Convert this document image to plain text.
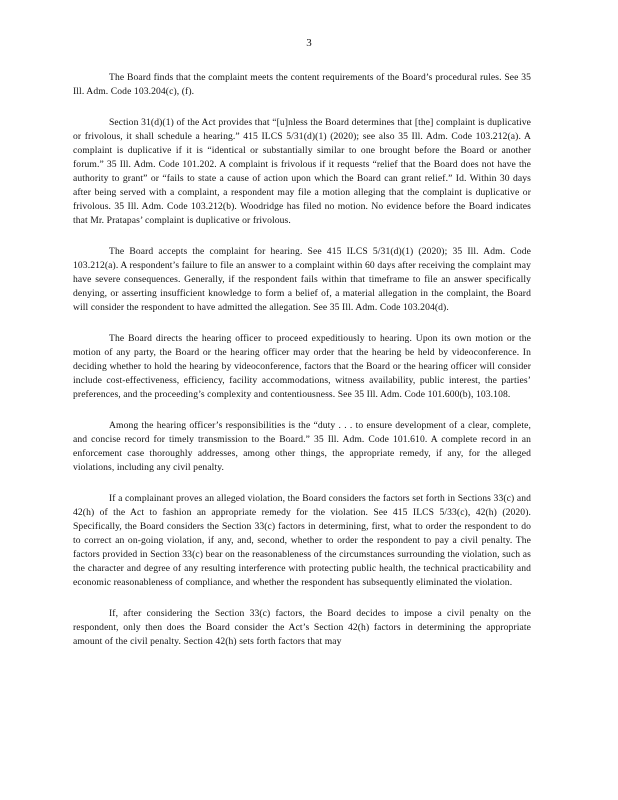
3

The Board finds that the complaint meets the content requirements of the Board’s procedural rules. See 35 Ill. Adm. Code 103.204(c), (f).

Section 31(d)(1) of the Act provides that “[u]nless the Board determines that [the] complaint is duplicative or frivolous, it shall schedule a hearing.” 415 ILCS 5/31(d)(1) (2020); see also 35 Ill. Adm. Code 103.212(a). A complaint is duplicative if it is “identical or substantially similar to one brought before the Board or another forum.” 35 Ill. Adm. Code 101.202. A complaint is frivolous if it requests “relief that the Board does not have the authority to grant” or “fails to state a cause of action upon which the Board can grant relief.” Id. Within 30 days after being served with a complaint, a respondent may file a motion alleging that the complaint is duplicative or frivolous. 35 Ill. Adm. Code 103.212(b). Woodridge has filed no motion. No evidence before the Board indicates that Mr. Pratapas’ complaint is duplicative or frivolous.

The Board accepts the complaint for hearing. See 415 ILCS 5/31(d)(1) (2020); 35 Ill. Adm. Code 103.212(a). A respondent’s failure to file an answer to a complaint within 60 days after receiving the complaint may have severe consequences. Generally, if the respondent fails within that timeframe to file an answer specifically denying, or asserting insufficient knowledge to form a belief of, a material allegation in the complaint, the Board will consider the respondent to have admitted the allegation. See 35 Ill. Adm. Code 103.204(d).

The Board directs the hearing officer to proceed expeditiously to hearing. Upon its own motion or the motion of any party, the Board or the hearing officer may order that the hearing be held by videoconference. In deciding whether to hold the hearing by videoconference, factors that the Board or the hearing officer will consider include cost-effectiveness, efficiency, facility accommodations, witness availability, public interest, the parties’ preferences, and the proceeding’s complexity and contentiousness. See 35 Ill. Adm. Code 101.600(b), 103.108.

Among the hearing officer’s responsibilities is the “duty . . . to ensure development of a clear, complete, and concise record for timely transmission to the Board.” 35 Ill. Adm. Code 101.610. A complete record in an enforcement case thoroughly addresses, among other things, the appropriate remedy, if any, for the alleged violations, including any civil penalty.

If a complainant proves an alleged violation, the Board considers the factors set forth in Sections 33(c) and 42(h) of the Act to fashion an appropriate remedy for the violation. See 415 ILCS 5/33(c), 42(h) (2020). Specifically, the Board considers the Section 33(c) factors in determining, first, what to order the respondent to do to correct an on-going violation, if any, and, second, whether to order the respondent to pay a civil penalty. The factors provided in Section 33(c) bear on the reasonableness of the circumstances surrounding the violation, such as the character and degree of any resulting interference with protecting public health, the technical practicability and economic reasonableness of compliance, and whether the respondent has subsequently eliminated the violation.

If, after considering the Section 33(c) factors, the Board decides to impose a civil penalty on the respondent, only then does the Board consider the Act’s Section 42(h) factors in determining the appropriate amount of the civil penalty. Section 42(h) sets forth factors that may
